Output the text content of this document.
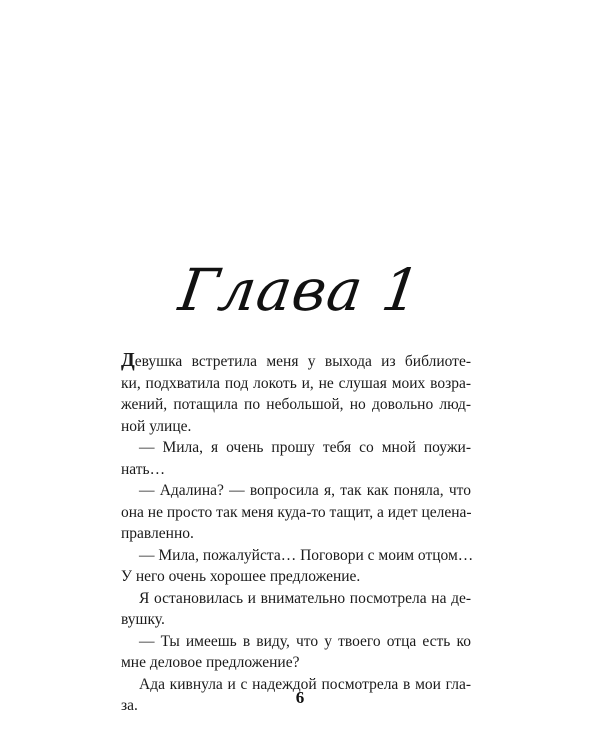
Глава 1
Девушка встретила меня у выхода из библиоте-
ки, подхватила под локоть и, не слушая моих возра-
жений, потащила по небольшой, но довольно люд-
ной улице.
— Мила, я очень прошу тебя со мной поужи-
нать…
— Адалина? — вопросила я, так как поняла, что
она не просто так меня куда-то тащит, а идет целена-
правленно.
— Мила, пожалуйста… Поговори с моим отцом…
У него очень хорошее предложение.
Я остановилась и внимательно посмотрела на де-
вушку.
— Ты имеешь в виду, что у твоего отца есть ко
мне деловое предложение?
Ада кивнула и с надеждой посмотрела в мои гла-
за.	6
